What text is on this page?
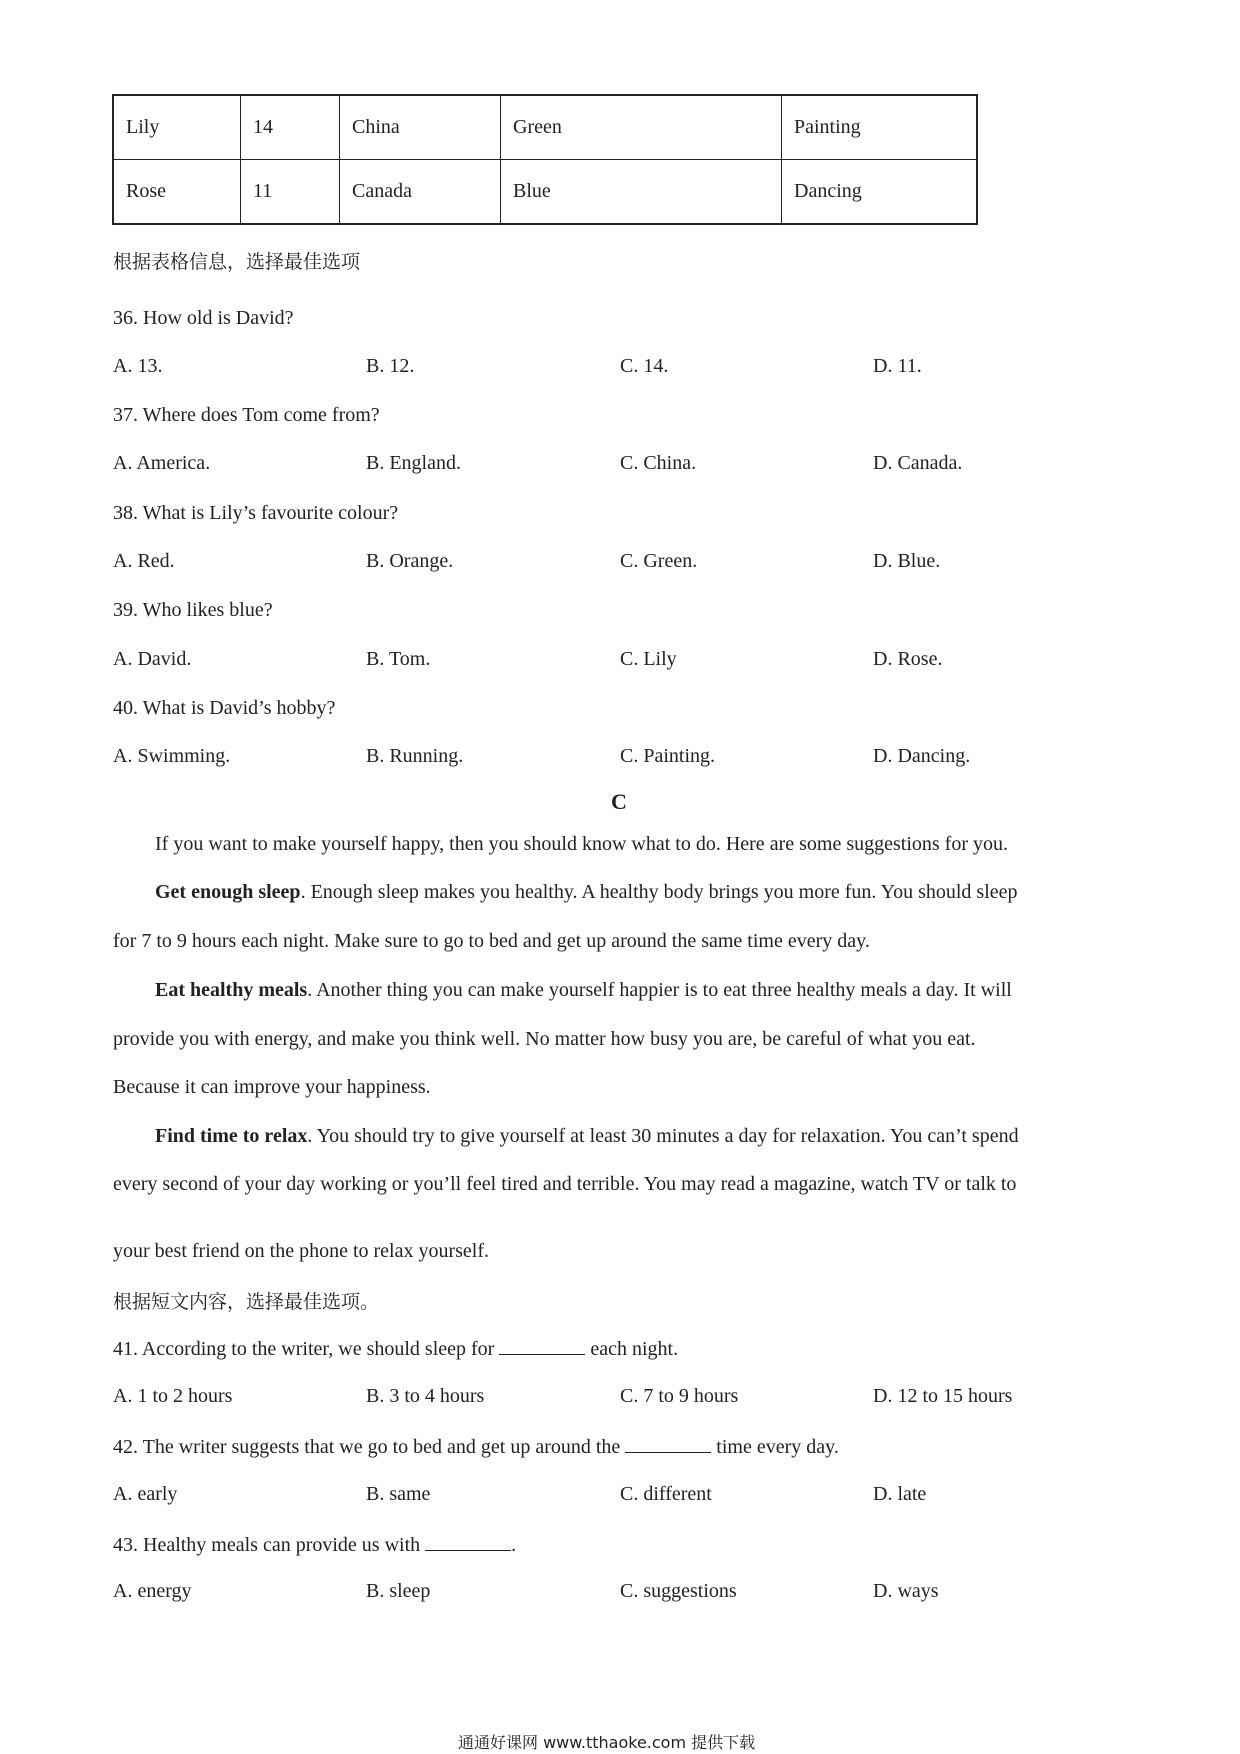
Lily	14	China	Green	Painting
Rose	11	Canada	Blue	Dancing
根据表格信息，选择最佳选项
36. How old is David?
A. 13.	B. 12.	C. 14.	D. 11.
37. Where does Tom come from?
A. America.	B. England.	C. China.	D. Canada.
38. What is Lily’s favourite colour?
A. Red.	B. Orange.	C. Green.	D. Blue.
39. Who likes blue?
A. David.	B. Tom.	C. Lily	D. Rose.
40. What is David’s hobby?
A. Swimming.	B. Running.	C. Painting.	D. Dancing.
C
If you want to make yourself happy, then you should know what to do. Here are some suggestions for you.
Get enough sleep. Enough sleep makes you healthy. A healthy body brings you more fun. You should sleep
for 7 to 9 hours each night. Make sure to go to bed and get up around the same time every day.
Eat healthy meals. Another thing you can make yourself happier is to eat three healthy meals a day. It will
provide you with energy, and make you think well. No matter how busy you are, be careful of what you eat.
Because it can improve your happiness.
Find time to relax. You should try to give yourself at least 30 minutes a day for relaxation. You can’t spend
every second of your day working or you’ll feel tired and terrible. You may read a magazine, watch TV or talk to
your best friend on the phone to relax yourself.
根据短文内容，选择最佳选项。
41. According to the writer, we should sleep for	each night.
A. 1 to 2 hours	B. 3 to 4 hours	C. 7 to 9 hours	D. 12 to 15 hours
42. The writer suggests that we go to bed and get up around the	time every day.
A. early	B. same	C. different	D. late
43. Healthy meals can provide us with	.
A. energy	B. sleep	C. suggestions	D. ways
通通好课网 www.tthaoke.com 提供下载
